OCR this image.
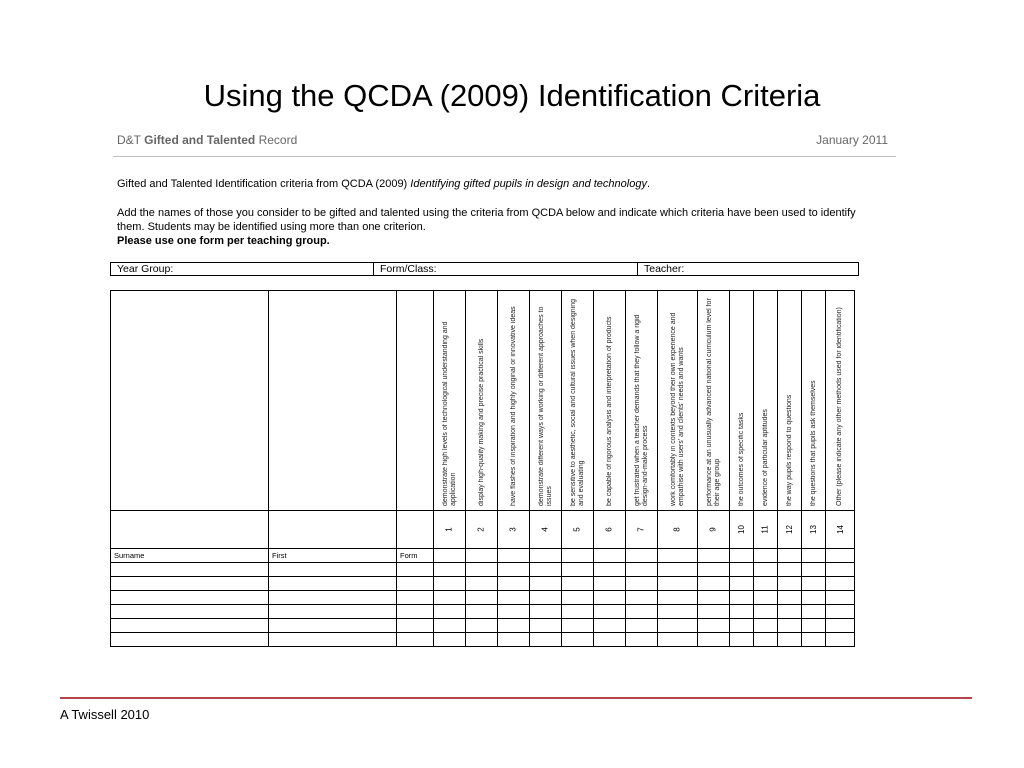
Using the QCDA (2009) Identification Criteria
D&T Gifted and Talented Record	January 2011
Gifted and Talented Identification criteria from QCDA (2009) Identifying gifted pupils in design and technology.
Add the names of those you consider to be gifted and talented using the criteria from QCDA below and indicate which criteria have been used to identify them. Students may be identified using more than one criterion.
Please use one form per teaching group.
Year Group:	Form/Class:	Teacher:

			demonstrate high levels of technological understanding and application	display high-quality making and precise practical skills	have flashes of inspiration and highly original or innovative ideas	demonstrate different ways of working or different approaches to issues	be sensitive to aesthetic, social and cultural issues when designing and evaluating	be capable of rigorous analysis and interpretation of products	get frustrated when a teacher demands that they follow a rigid design-and-make process	work comfortably in contexts beyond their own experience and empathise with users' and clients' needs and wants	performance at an unusually advanced national curriculum level for their age group	the outcomes of specific tasks	evidence of particular aptitudes	the way pupils respond to questions	the questions that pupils ask themselves	Other (please indicate any other methods used for identification)

			1	2	3	4	5	6	7	8	9	10	11	12	13	14
Surname	First	Form														

A Twissell 2010
